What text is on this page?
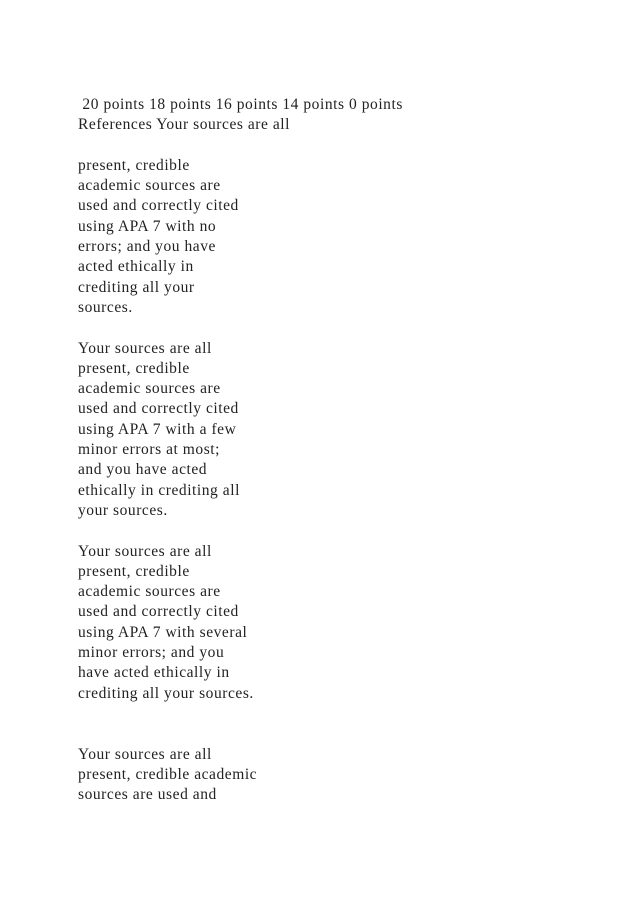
20 points 18 points 16 points 14 points 0 points
References Your sources are all
present, credible
academic sources are
used and correctly cited
using APA 7 with no
errors; and you have
acted ethically in
crediting all your
sources.
Your sources are all
present, credible
academic sources are
used and correctly cited
using APA 7 with a few
minor errors at most;
and you have acted
ethically in crediting all
your sources.
Your sources are all
present, credible
academic sources are
used and correctly cited
using APA 7 with several
minor errors; and you
have acted ethically in
crediting all your sources.
Your sources are all
present, credible academic
sources are used and
